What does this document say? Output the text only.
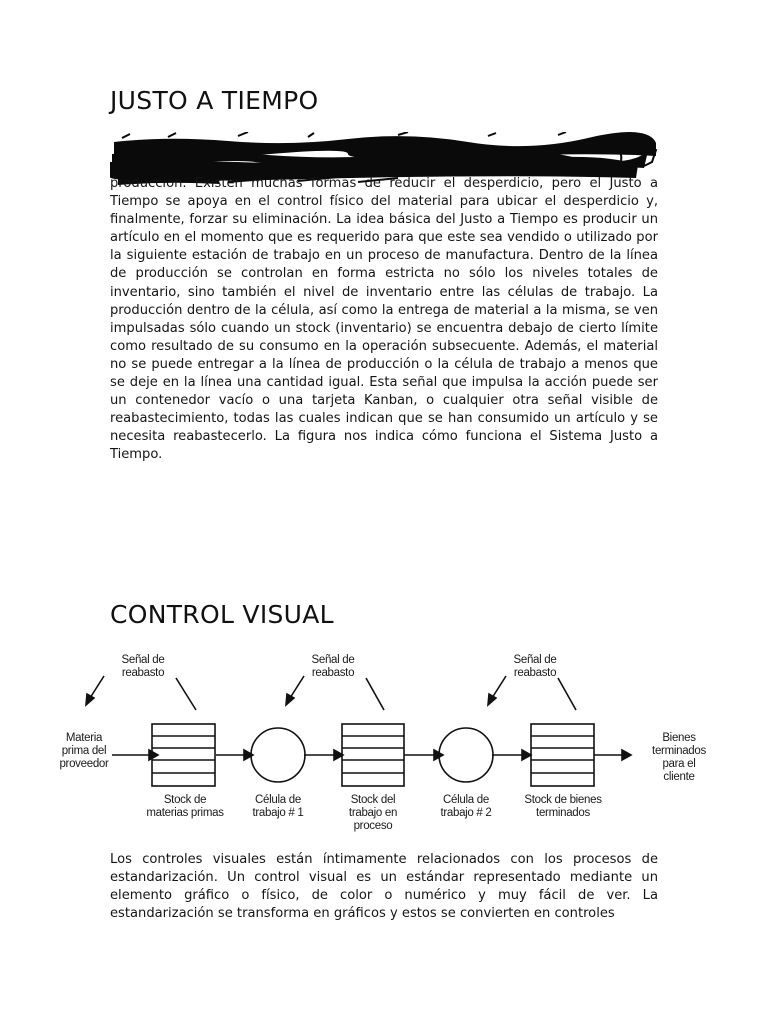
JUSTO A TIEMPO

producción. Existen muchas formas de reducir el desperdicio, pero el Justo a Tiempo se apoya en el control físico del material para ubicar el desperdicio y, finalmente, forzar su eliminación. La idea básica del Justo a Tiempo es producir un artículo en el momento que es requerido para que este sea vendido o utilizado por la siguiente estación de trabajo en un proceso de manufactura. Dentro de la línea de producción se controlan en forma estricta no sólo los niveles totales de inventario, sino también el nivel de inventario entre las células de trabajo. La producción dentro de la célula, así como la entrega de material a la misma, se ven impulsadas sólo cuando un stock (inventario) se encuentra debajo de cierto límite como resultado de su consumo en la operación subsecuente. Además, el material no se puede entregar a la línea de producción o la célula de trabajo a menos que se deje en la línea una cantidad igual. Esta señal que impulsa la acción puede ser un contenedor vacío o una tarjeta Kanban, o cualquier otra señal visible de reabastecimiento, todas las cuales indican que se han consumido un artículo y se necesita reabastecerlo. La figura nos indica cómo funciona el Sistema Justo a Tiempo.

CONTROL VISUAL
Señal de
reabasto
Señal de
reabasto
Señal de
reabasto
Materia
prima del
proveedor
Stock de
materias primas
Célula de
trabajo # 1
Stock del
trabajo en
proceso
Célula de
trabajo # 2
Stock de bienes
terminados
Bienes
terminados
para el
cliente

Los controles visuales están íntimamente relacionados con los procesos de estandarización. Un control visual es un estándar representado mediante un elemento gráfico o físico, de color o numérico y muy fácil de ver. La estandarización se transforma en gráficos y estos se convierten en controles
